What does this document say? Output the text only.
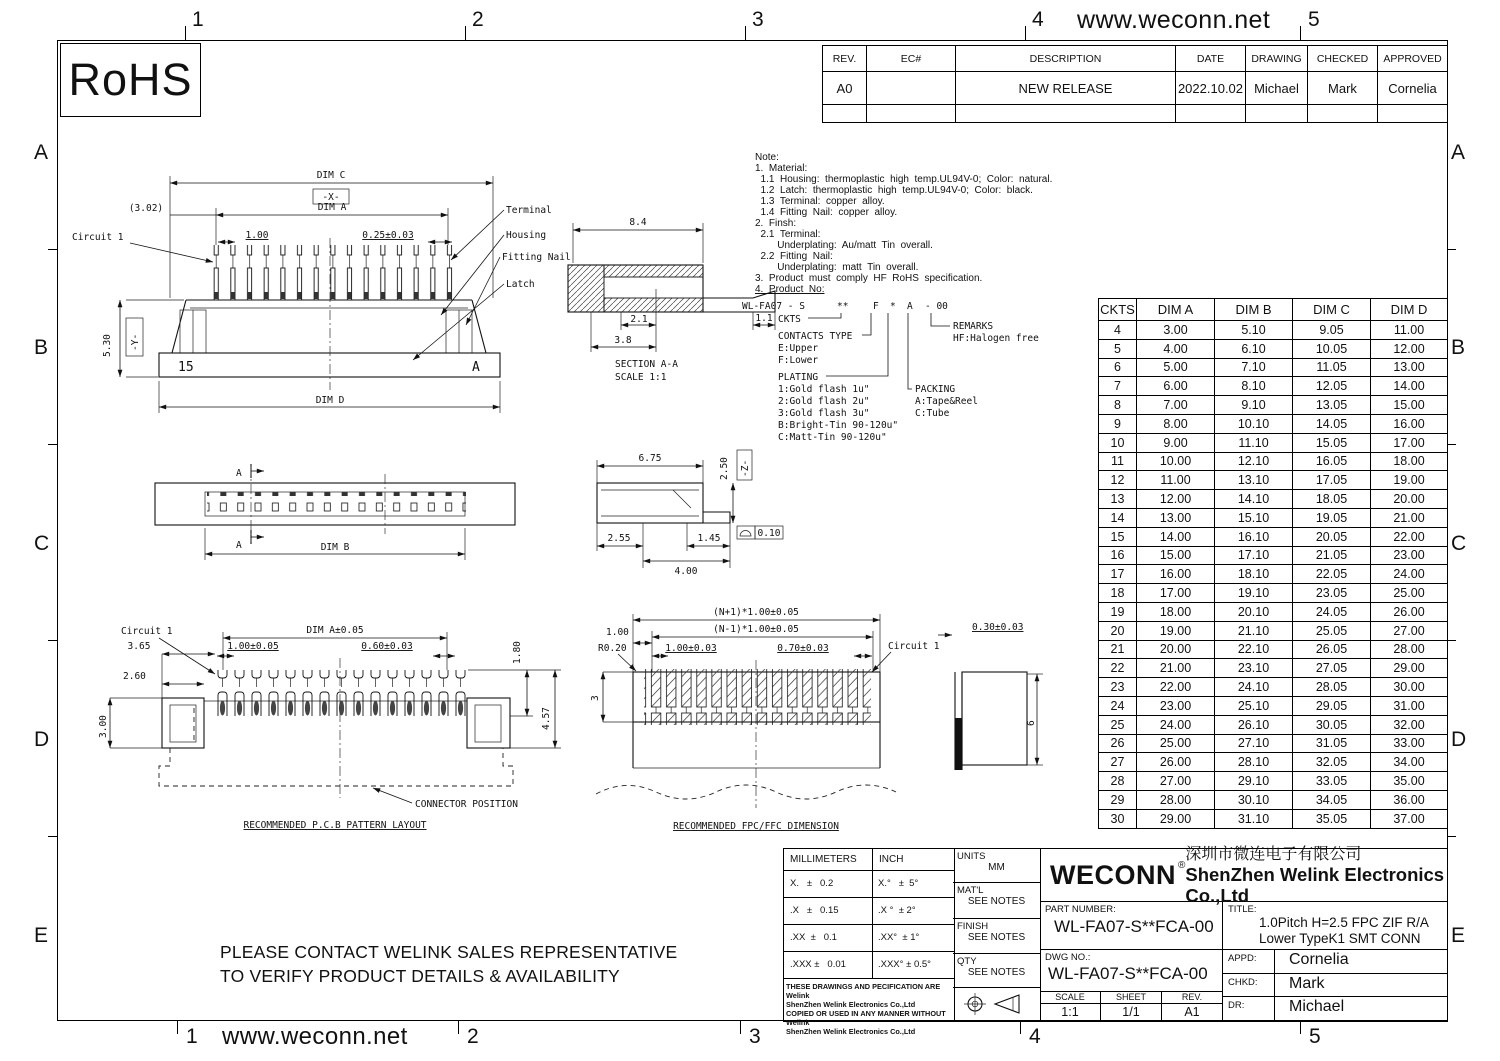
1	2	3	4	5
www.weconn.net
1 www.weconn.net	2	3	4	5
A
B
C
D
E
A
B
C
D
E
RoHS	REV.	EC#	DESCRIPTION	DATE	DRAWING	CHECKED	APPROVED
A0		NEW RELEASE	2022.10.02	Michael	Mark	Cornelia

Note:
1.  Material:
1.1  Housing:  thermoplastic  high  temp.UL94V-0;  Color:  natural.
1.2  Latch:  thermoplastic  high  temp.UL94V-0;  Color:  black.
1.3  Terminal:  copper  alloy.
1.4  Fitting  Nail:  copper  alloy.
2.  Finsh:
2.1  Terminal:
Underplating:  Au/matt  Tin  overall.
2.2  Fitting  Nail:
Underplating:  matt  Tin  overall.
3.  Product  must  comply  HF  RoHS  specification.
4.  Product  No:
WL-FA07 - S	**	F * A - 00
CKTS
CONTACTS TYPE
E:Upper
F:Lower
PLATING
1:Gold flash 1u"
2:Gold flash 2u"
3:Gold flash 3u"
B:Bright-Tin 90-120u"
C:Matt-Tin 90-120u"
PACKING
A:Tape&Reel
C:Tube
REMARKS
HF:Halogen free
CKTS	DIM A	DIM B	DIM C	DIM D
4	3.00	5.10	9.05	11.00
5	4.00	6.10	10.05	12.00
6	5.00	7.10	11.05	13.00
7	6.00	8.10	12.05	14.00
8	7.00	9.10	13.05	15.00
9	8.00	10.10	14.05	16.00
10	9.00	11.10	15.05	17.00
11	10.00	12.10	16.05	18.00
12	11.00	13.10	17.05	19.00
13	12.00	14.10	18.05	20.00
14	13.00	15.10	19.05	21.00
15	14.00	16.10	20.05	22.00
16	15.00	17.10	21.05	23.00
17	16.00	18.10	22.05	24.00
18	17.00	19.10	23.05	25.00
19	18.00	20.10	24.05	26.00
20	19.00	21.10	25.05	27.00
21	20.00	22.10	26.05	28.00
22	21.00	23.10	27.05	29.00
23	22.00	24.10	28.05	30.00
24	23.00	25.10	29.05	31.00
25	24.00	26.10	30.05	32.00
26	25.00	27.10	31.05	33.00
27	26.00	28.10	32.05	34.00
28	27.00	29.10	33.05	35.00
29	28.00	30.10	34.05	36.00
30	29.00	31.10	35.05	37.00
DIM C
-X-
DIM A
(3.02)
Circuit 1	1.00	0.25±0.03
15	A
5.30 -Y-
DIM D
Terminal
Housing
Fitting Nail
Latch
8.4
2.1
3.8
1.1
SECTION A-A
SCALE 1:1
A
A	DIM B
6.75	2.50 -Z-
0.10
2.55	1.45
4.00
Circuit 1	DIM A±0.05
3.65	1.00±0.05	0.60±0.03
2.60
3.00
1.80
4.57
CONNECTOR POSITION
RECOMMENDED P.C.B PATTERN LAYOUT
(N+1)*1.00±0.05
(N-1)*1.00±0.05
1.00
R0.20	1.00±0.03	0.70±0.03	Circuit 1
3
RECOMMENDED FPC/FFC DIMENSION
0.30±0.03
6
PLEASE CONTACT WELINK SALES REPRESENTATIVE
TO VERIFY PRODUCT DETAILS & AVAILABILITY
MILLIMETERS	INCH
X.   ±   0.2	X.°   ±  5°
.X   ±   0.15	.X °  ± 2°
.XX  ±   0.1	.XX°  ± 1°
.XXX ±   0.01	.XXX° ± 0.5°
THESE DRAWINGS AND PECIFICATION ARE Welink
ShenZhen Welink Electronics Co.,Ltd
COPIED OR USED IN ANY MANNER WITHOUT Welink
ShenZhen Welink Electronics Co.,Ltd
UNITS
MM
MAT'L
SEE NOTES
FINISH
SEE NOTES
QTY
SEE NOTES
WECONN ®
深圳市微连电子有限公司
ShenZhen Welink Electronics Co.,Ltd
PART NUMBER:
WL-FA07-S**FCA-00
TITLE:
1.0Pitch H=2.5 FPC ZIF R/A
Lower TypeK1 SMT CONN
DWG NO.:
WL-FA07-S**FCA-00
SCALE
1:1
SHEET
1/1
REV.
A1
APPD:	Cornelia
CHKD:	Mark
DR:	Michael
